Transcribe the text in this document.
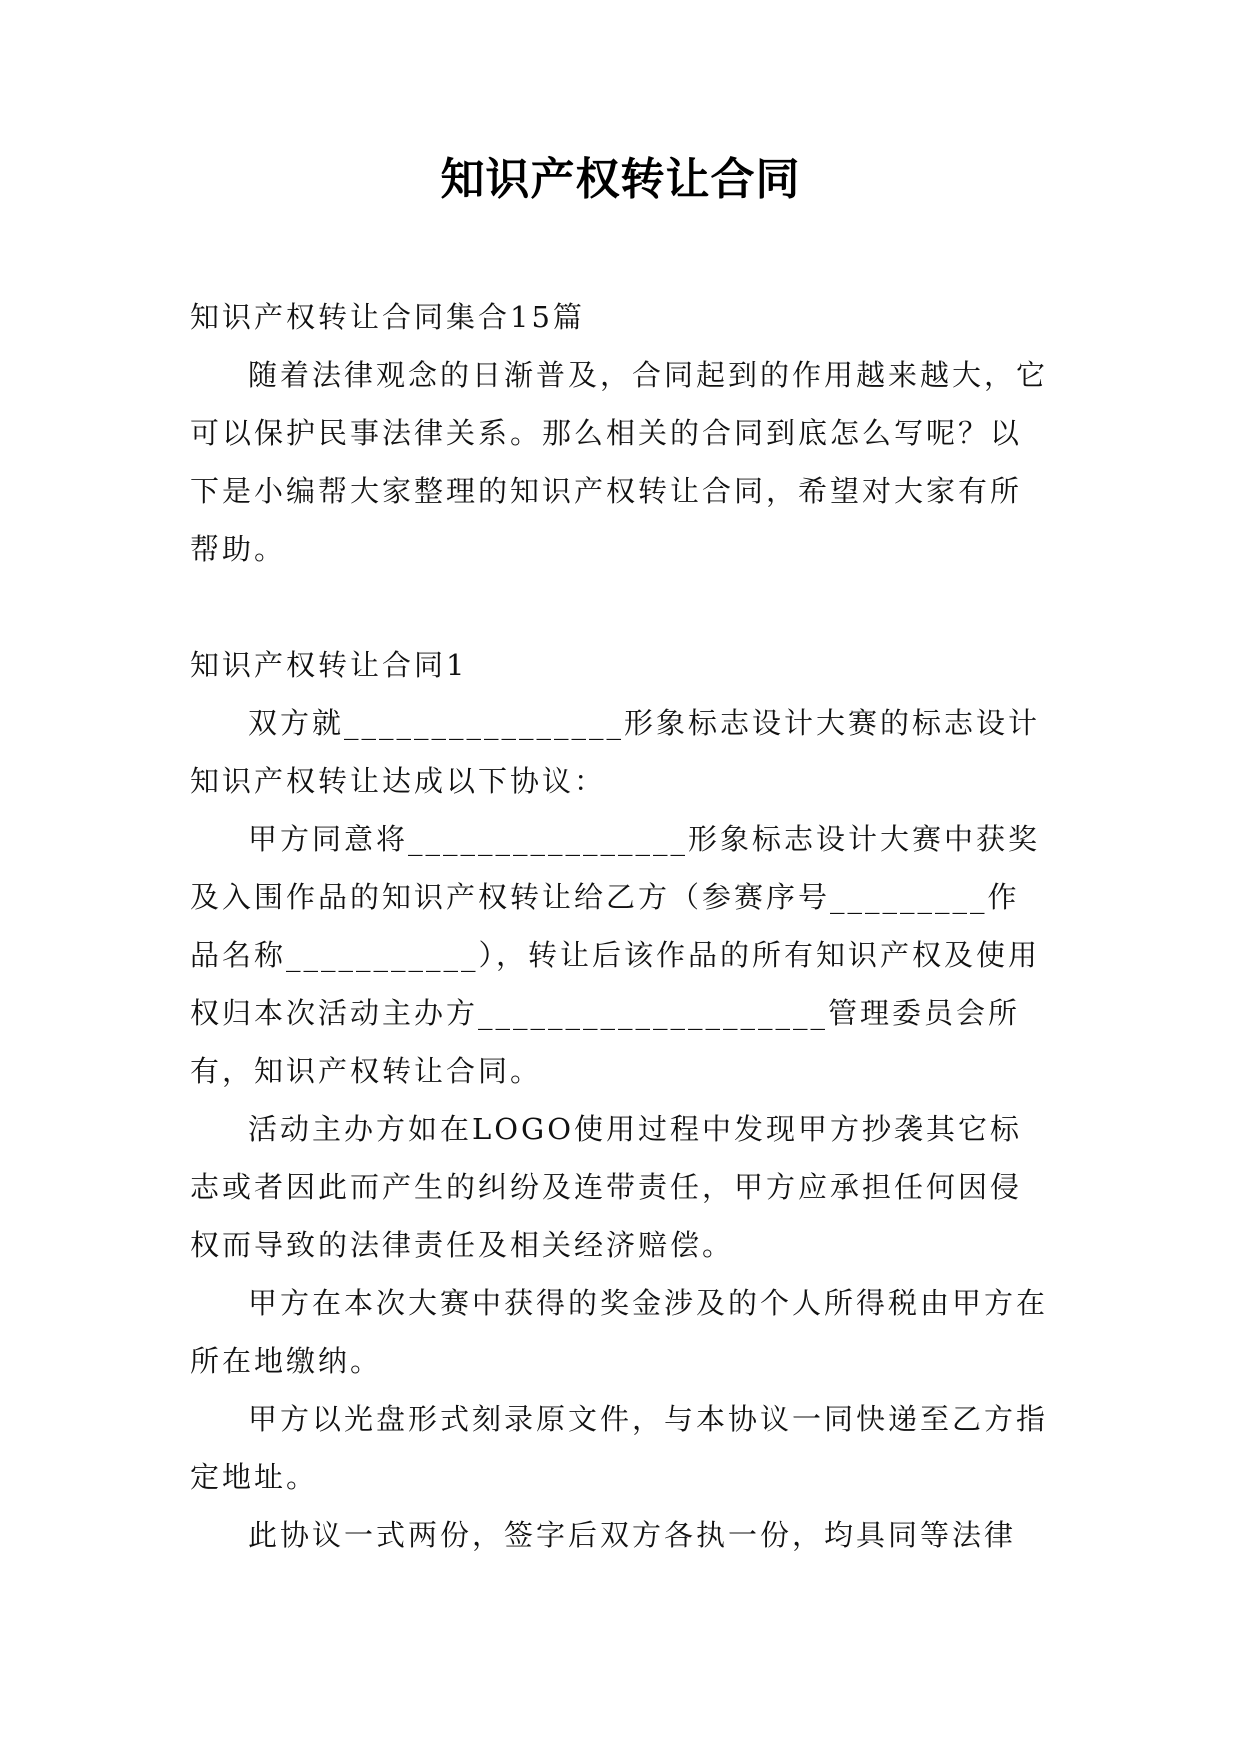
知识产权转让合同

知识产权转让合同集合15篇

随着法律观念的日渐普及，合同起到的作用越来越大，它可以保护民事法律关系。那么相关的合同到底怎么写呢？以下是小编帮大家整理的知识产权转让合同，希望对大家有所帮助。

知识产权转让合同1

双方就________________形象标志设计大赛的标志设计知识产权转让达成以下协议：

甲方同意将________________形象标志设计大赛中获奖及入围作品的知识产权转让给乙方（参赛序号_________作品名称___________），转让后该作品的所有知识产权及使用权归本次活动主办方____________________管理委员会所有，知识产权转让合同。

活动主办方如在LOGO使用过程中发现甲方抄袭其它标志或者因此而产生的纠纷及连带责任，甲方应承担任何因侵权而导致的法律责任及相关经济赔偿。

甲方在本次大赛中获得的奖金涉及的个人所得税由甲方在所在地缴纳。

甲方以光盘形式刻录原文件，与本协议一同快递至乙方指定地址。

此协议一式两份，签字后双方各执一份，均具同等法律
